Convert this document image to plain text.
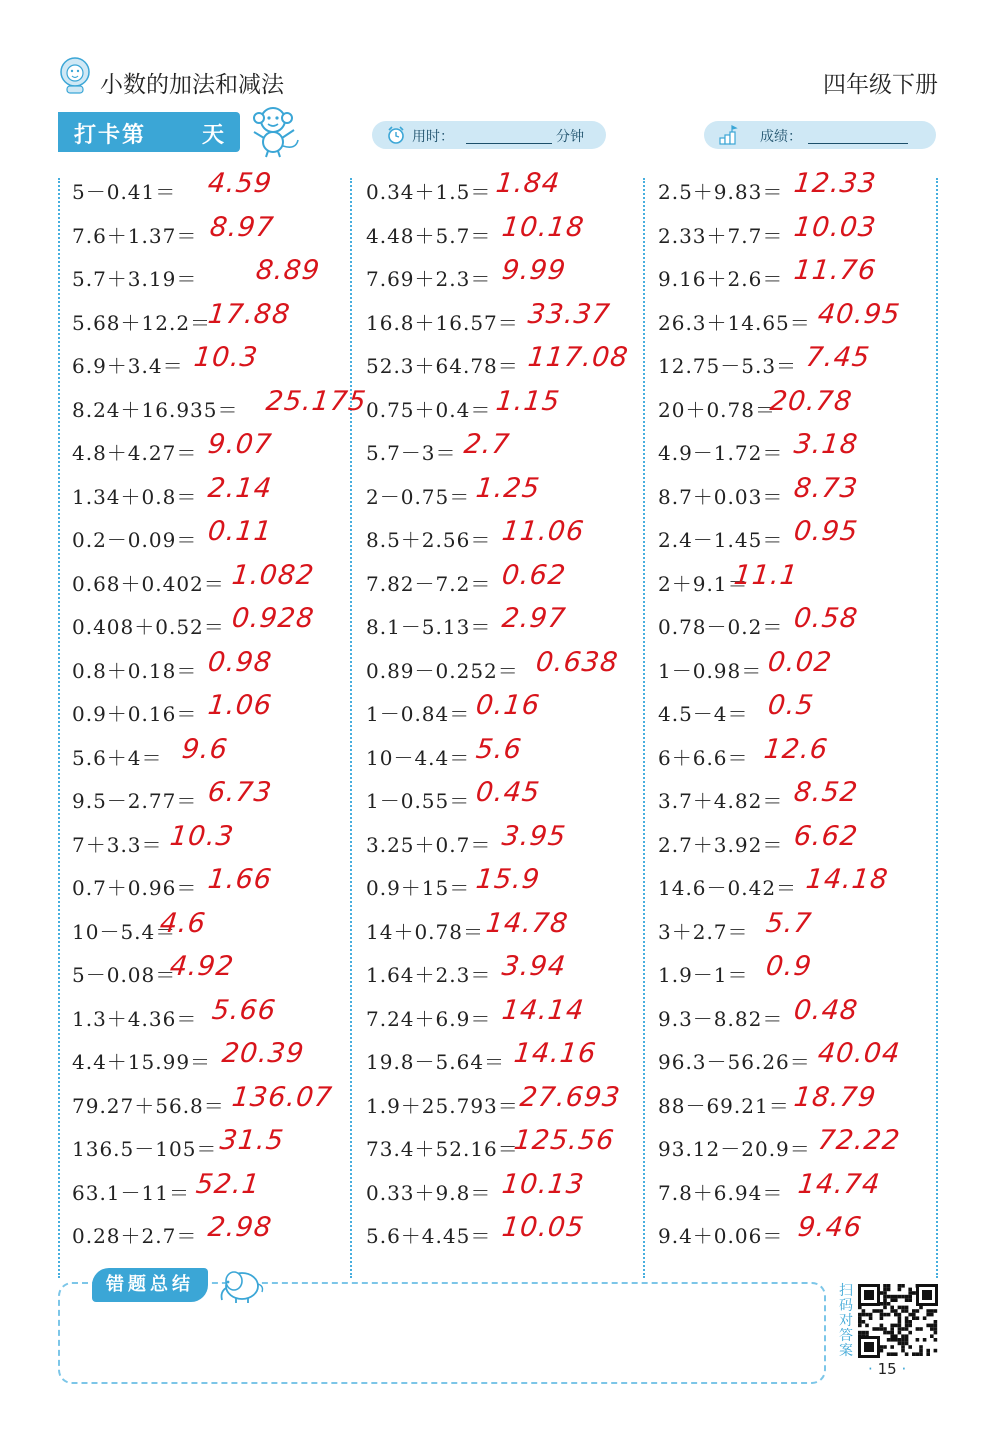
小数的加法和减法	四年级下册
打卡第	天	用时：	分钟	成绩：
5－0.41＝ 4.59
7.6＋1.37＝ 8.97
5.7＋3.19＝ 8.89
5.68＋12.2＝
17.88
6.9＋3.4＝ 10.3
8.24＋16.935＝ 25.175
4.8＋4.27＝ 9.07
1.34＋0.8＝ 2.14
0.2－0.09＝ 0.11
0.68＋0.402＝ 1.082
0.408＋0.52＝ 0.928
0.8＋0.18＝ 0.98
0.9＋0.16＝ 1.06
5.6＋4＝ 9.6
9.5－2.77＝ 6.73
7＋3.3＝ 10.3
0.7＋0.96＝ 1.66
10－5.4＝
4.6
5－0.08＝
4.92
1.3＋4.36＝ 5.66
4.4＋15.99＝ 20.39
79.27＋56.8＝ 136.07
136.5－105＝ 31.5
63.1－11＝ 52.1
0.28＋2.7＝ 2.98
0.34＋1.5＝ 1.84
4.48＋5.7＝ 10.18
7.69＋2.3＝ 9.99
16.8＋16.57＝ 33.37
52.3＋64.78＝ 117.08
0.75＋0.4＝ 1.15
5.7－3＝ 2.7
2－0.75＝ 1.25
8.5＋2.56＝ 11.06
7.82－7.2＝ 0.62
8.1－5.13＝ 2.97
0.89－0.252＝ 0.638
1－0.84＝ 0.16
10－4.4＝ 5.6
1－0.55＝ 0.45
3.25＋0.7＝ 3.95
0.9＋15＝ 15.9
14＋0.78＝ 14.78
1.64＋2.3＝ 3.94
7.24＋6.9＝ 14.14
19.8－5.64＝ 14.16
1.9＋25.793＝ 27.693
73.4＋52.16＝
125.56
0.33＋9.8＝ 10.13
5.6＋4.45＝ 10.05
2.5＋9.83＝ 12.33
2.33＋7.7＝ 10.03
9.16＋2.6＝ 11.76
26.3＋14.65＝ 40.95
12.75－5.3＝ 7.45
20＋0.78＝
20.78
4.9－1.72＝ 3.18
8.7＋0.03＝ 8.73
2.4－1.45＝ 0.95
2＋9.1＝
11.1
0.78－0.2＝ 0.58
1－0.98＝ 0.02
4.5－4＝ 0.5
6＋6.6＝ 12.6
3.7＋4.82＝ 8.52
2.7＋3.92＝ 6.62
14.6－0.42＝ 14.18
3＋2.7＝ 5.7
1.9－1＝ 0.9
9.3－8.82＝ 0.48
96.3－56.26＝ 40.04
88－69.21＝ 18.79
93.12－20.9＝ 72.22
7.8＋6.94＝ 14.74
9.4＋0.06＝ 9.46
错题总结	扫
码
对
答
案
· 15 ·
